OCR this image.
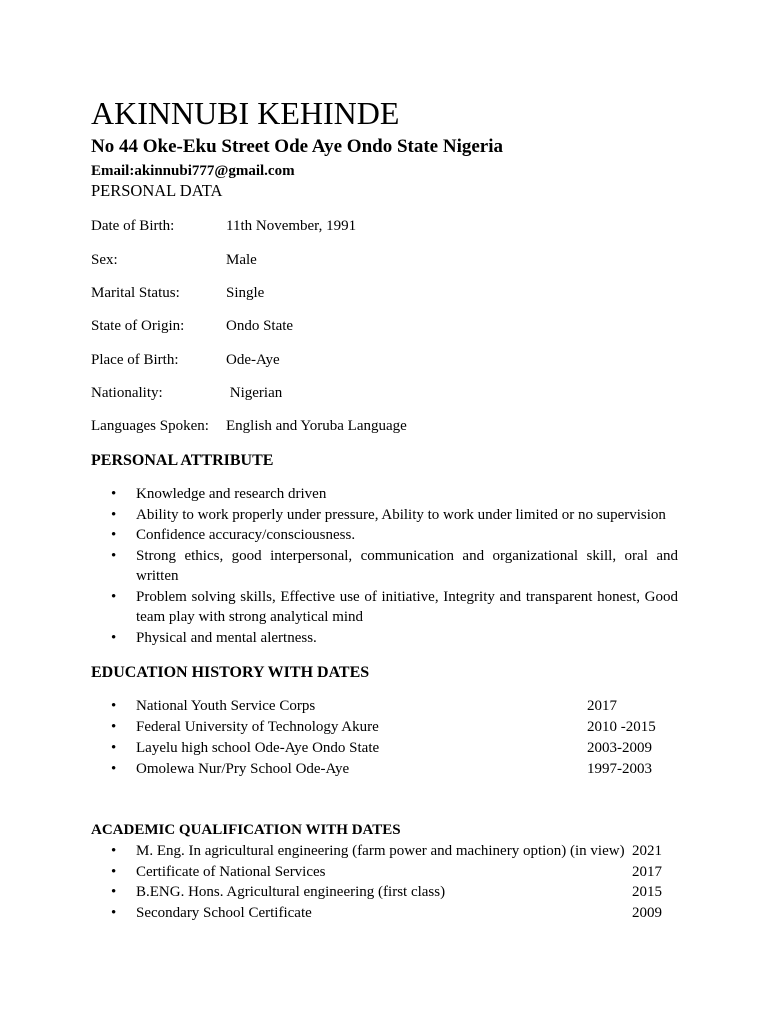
AKINNUBI KEHINDE
No 44 Oke-Eku Street Ode Aye Ondo State Nigeria
Email:akinnubi777@gmail.com
PERSONAL DATA
Date of Birth:	11th November, 1991
Sex:	Male
Marital Status:	Single
State of Origin:	Ondo State
Place of Birth:	Ode-Aye
Nationality:	Nigerian
Languages Spoken: English and Yoruba Language
PERSONAL ATTRIBUTE
• Knowledge and research driven
• Ability to work properly under pressure, Ability to work under limited or no supervision
• Confidence accuracy/consciousness.
• Strong ethics, good interpersonal, communication and organizational skill, oral and written
• Problem solving skills, Effective use of initiative, Integrity and transparent honest, Good team play with strong analytical mind
• Physical and mental alertness.
EDUCATION HISTORY WITH DATES
• National Youth Service Corps	2017
• Federal University of Technology Akure	2010 -2015
• Layelu high school Ode-Aye Ondo State	2003-2009
• Omolewa Nur/Pry School Ode-Aye	1997-2003
ACADEMIC QUALIFICATION WITH DATES
• M. Eng. In agricultural engineering (farm power and machinery option) (in view) 2021
• Certificate of National Services	2017
• B.ENG. Hons. Agricultural engineering (first class)	2015
• Secondary School Certificate	2009
